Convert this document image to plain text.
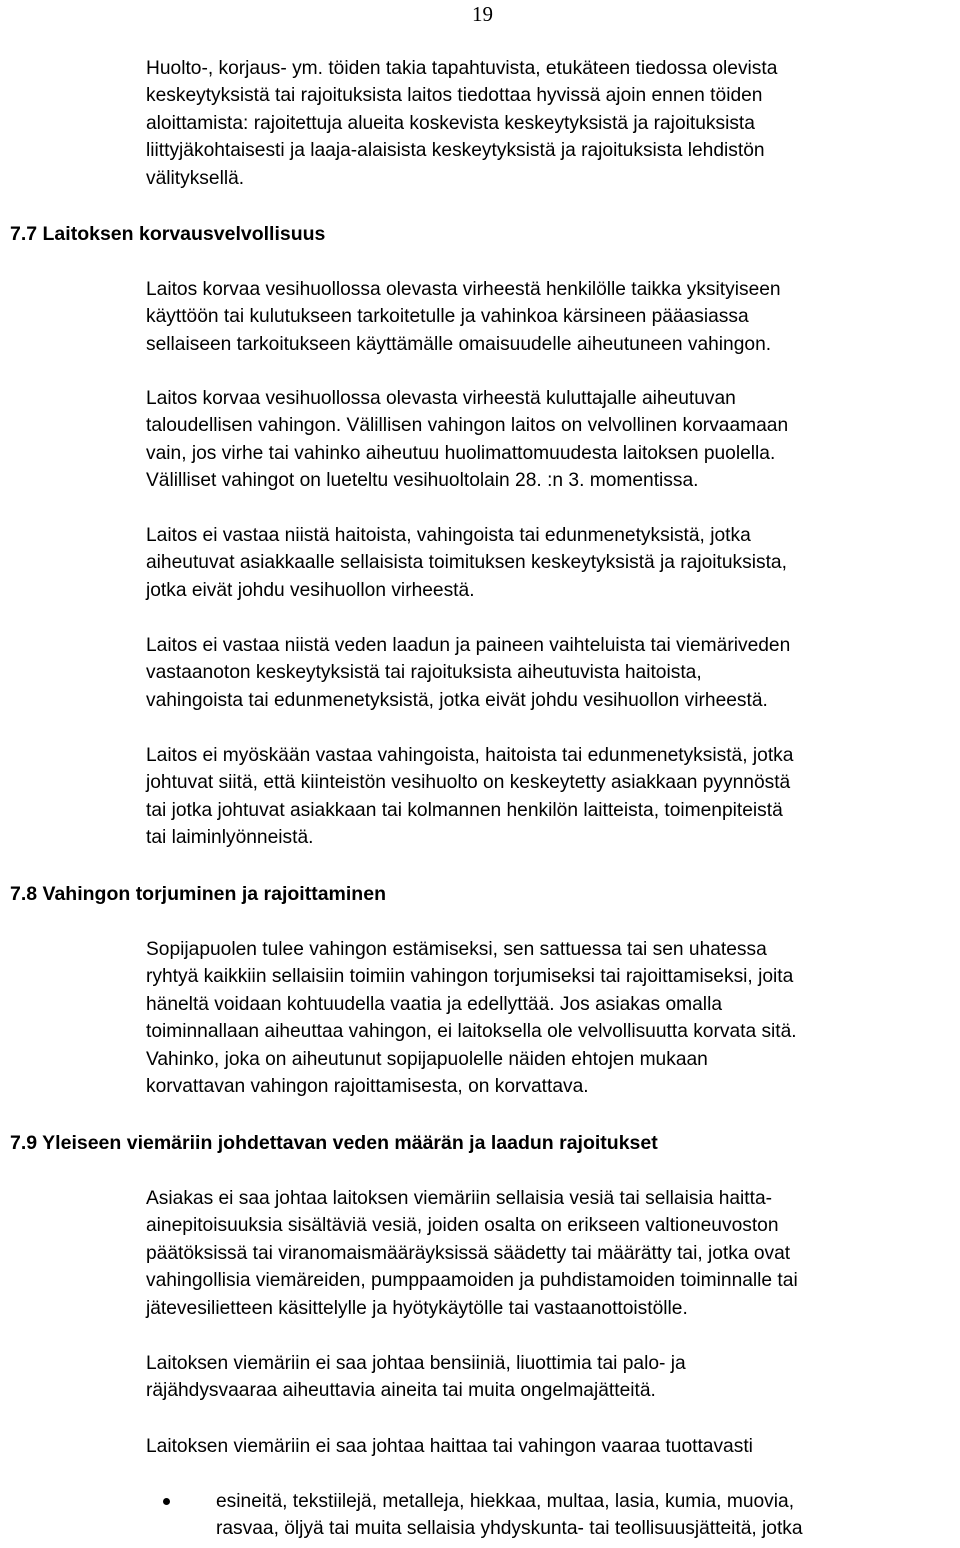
19

Huolto-, korjaus- ym. töiden takia tapahtuvista, etukäteen tiedossa olevista
keskeytyksistä tai rajoituksista laitos tiedottaa hyvissä ajoin ennen töiden
aloittamista: rajoitettuja alueita koskevista keskeytyksistä ja rajoituksista
liittyjäkohtaisesti ja laaja-alaisista keskeytyksistä ja rajoituksista lehdistön
välityksellä.

7.7 Laitoksen korvausvelvollisuus

Laitos korvaa vesihuollossa olevasta virheestä henkilölle taikka yksityiseen
käyttöön tai kulutukseen tarkoitetulle ja vahinkoa kärsineen pääasiassa
sellaiseen tarkoitukseen käyttämälle omaisuudelle aiheutuneen vahingon.

Laitos korvaa vesihuollossa olevasta virheestä kuluttajalle aiheutuvan
taloudellisen vahingon. Välillisen vahingon laitos on velvollinen korvaamaan
vain, jos virhe tai vahinko aiheutuu huolimattomuudesta laitoksen puolella.
Välilliset vahingot on lueteltu vesihuoltolain 28. :n 3. momentissa.

Laitos ei vastaa niistä haitoista, vahingoista tai edunmenetyksistä, jotka
aiheutuvat asiakkaalle sellaisista toimituksen keskeytyksistä ja rajoituksista,
jotka eivät johdu vesihuollon virheestä.

Laitos ei vastaa niistä veden laadun ja paineen vaihteluista tai viemäriveden
vastaanoton keskeytyksistä tai rajoituksista aiheutuvista haitoista,
vahingoista tai edunmenetyksistä, jotka eivät johdu vesihuollon virheestä.

Laitos ei myöskään vastaa vahingoista, haitoista tai edunmenetyksistä, jotka
johtuvat siitä, että kiinteistön vesihuolto on keskeytetty asiakkaan pyynnöstä
tai jotka johtuvat asiakkaan tai kolmannen henkilön laitteista, toimenpiteistä
tai laiminlyönneistä.

7.8 Vahingon torjuminen ja rajoittaminen

Sopijapuolen tulee vahingon estämiseksi, sen sattuessa tai sen uhatessa
ryhtyä kaikkiin sellaisiin toimiin vahingon torjumiseksi tai rajoittamiseksi, joita
häneltä voidaan kohtuudella vaatia ja edellyttää. Jos asiakas omalla
toiminnallaan aiheuttaa vahingon, ei laitoksella ole velvollisuutta korvata sitä.
Vahinko, joka on aiheutunut sopijapuolelle näiden ehtojen mukaan
korvattavan vahingon rajoittamisesta, on korvattava.

7.9 Yleiseen viemäriin johdettavan veden määrän ja laadun rajoitukset

Asiakas ei saa johtaa laitoksen viemäriin sellaisia vesiä tai sellaisia haitta-
ainepitoisuuksia sisältäviä vesiä, joiden osalta on erikseen valtioneuvoston
päätöksissä tai viranomaismääräyksissä säädetty tai määrätty tai, jotka ovat
vahingollisia viemäreiden, pumppaamoiden ja puhdistamoiden toiminnalle tai
jätevesilietteen käsittelylle ja hyötykäytölle tai vastaanottoistölle.

Laitoksen viemäriin ei saa johtaa bensiiniä, liuottimia tai palo- ja
räjähdysvaaraa aiheuttavia aineita tai muita ongelmajätteitä.

Laitoksen viemäriin ei saa johtaa haittaa tai vahingon vaaraa tuottavasti

esineitä, tekstiilejä, metalleja, hiekkaa, multaa, lasia, kumia, muovia,
rasvaa, öljyä tai muita sellaisia yhdyskunta- tai teollisuusjätteitä, jotka
